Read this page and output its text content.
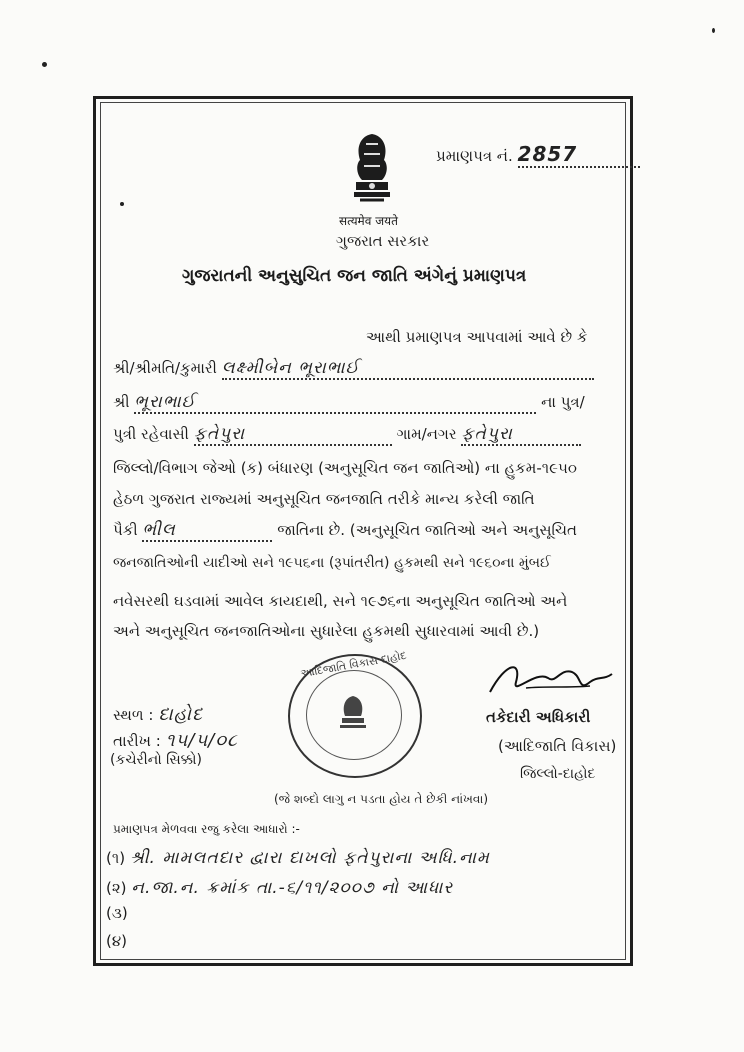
પ્રમાણપત્ર નં. 2857
सत्यमेव जयते
ગુજરાત સરકાર
ગુજરાતની અનુસુચિત જન જાતિ અંગેનું પ્રમાણપત્ર
આથી પ્રમાણપત્ર આપવામાં આવે છે કે
શ્રી/શ્રીમતિ/કુમારી લક્ષ્મીબેન ભૂરાભાઈ
શ્રી ભૂરાભાઈ	ના પુત્ર/
પુત્રી રહેવાસી ફતેપુરા	ગામ/નગર ફતેપુરા
જિલ્લો/વિભાગ જેઓ (ક) બંધારણ (અનુસૂચિત જન જાતિઓ) ના હુકમ-૧૯૫૦
હેઠળ ગુજરાત રાજ્યમાં અનુસૂચિત જનજાતિ તરીકે માન્ય કરેલી જાતિ
પૈકી ભીલ	જાતિના છે. (અનુસૂચિત જાતિઓ અને અનુસૂચિત
જનજાતિઓની યાદીઓ સને ૧૯૫૬ના (રૂપાંતરીત) હુકમથી સને ૧૯૬૦ના મુંબઈ
નવેસરથી ઘડવામાં આવેલ કાયદાથી, સને ૧૯૭૬ના અનુસૂચિત જાતિઓ અને
અને અનુસૂચિત જનજાતિઓના સુધારેલા હુકમથી સુધારવામાં આવી છે.)
આદિજાતિ વિકાસ દાહોદ
તકેદારી અધિકારી
(આદિજાતિ વિકાસ)
જિલ્લો-દાહોદ
સ્થળ : દાહોદ
તારીખ : ૧૫/૫/૦૮
(કચેરીનો સિક્કો)
(જે શબ્દો લાગુ ન પડતા હોય તે છેકી નાંખવા)
પ્રમાણપત્ર મેળવવા રજુ કરેલા આધારો :-
(૧) શ્રી. મામલતદાર દ્વારા દાખલો ફતેપુરાના અધિ.નામ
(૨) ન.જા.ન. ક્રમાંક તા.-૬/૧૧/૨૦૦૭ નો આધાર
(૩)
(૪)
